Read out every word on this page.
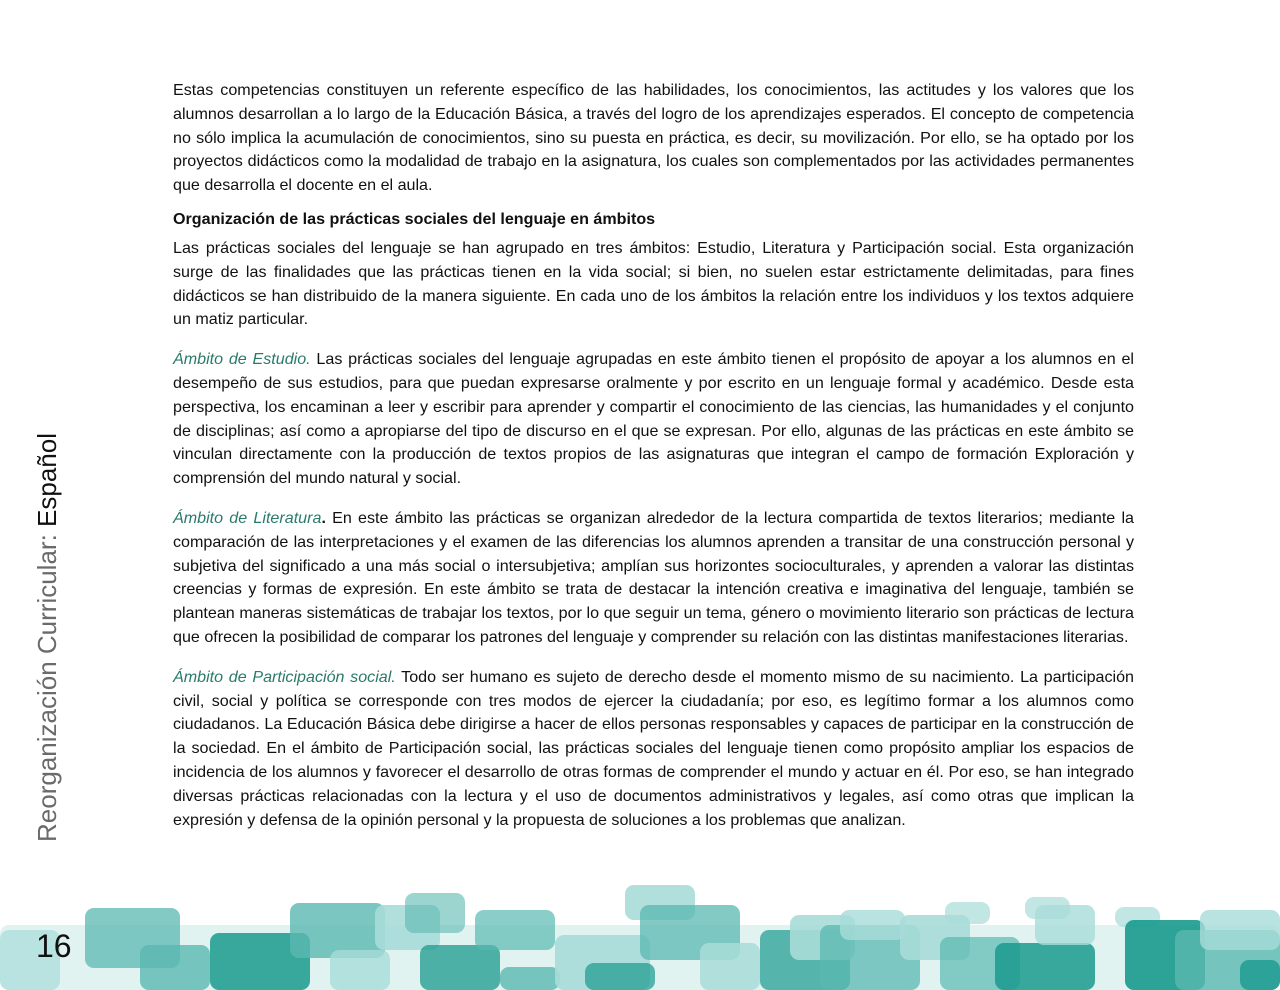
Reorganización Curricular: Español

Estas competencias constituyen un referente específico de las habilidades, los conocimientos, las actitudes y los valores que los alumnos desarrollan a lo largo de la Educación Básica, a través del logro de los aprendizajes esperados. El concepto de competencia no sólo implica la acumulación de conocimientos, sino su puesta en práctica, es decir, su movilización. Por ello, se ha optado por los proyectos didácticos como la modalidad de trabajo en la asignatura, los cuales son complementados por las actividades permanentes que desarrolla el docente en el aula.

Organización de las prácticas sociales del lenguaje en ámbitos

Las prácticas sociales del lenguaje se han agrupado en tres ámbitos: Estudio, Literatura y Participación social. Esta organización surge de las finalidades que las prácticas tienen en la vida social; si bien, no suelen estar estrictamente delimitadas, para fines didácticos se han distribuido de la manera siguiente. En cada uno de los ámbitos la relación entre los individuos y los textos adquiere un matiz particular.

Ámbito de Estudio. Las prácticas sociales del lenguaje agrupadas en este ámbito tienen el propósito de apoyar a los alumnos en el desempeño de sus estudios, para que puedan expresarse oralmente y por escrito en un lenguaje formal y académico. Desde esta perspectiva, los encaminan a leer y escribir para aprender y compartir el conocimiento de las ciencias, las humanidades y el conjunto de disciplinas; así como a apropiarse del tipo de discurso en el que se expresan. Por ello, algunas de las prácticas en este ámbito se vinculan directamente con la producción de textos propios de las asignaturas que integran el campo de formación Exploración y comprensión del mundo natural y social.

Ámbito de Literatura. En este ámbito las prácticas se organizan alrededor de la lectura compartida de textos literarios; mediante la comparación de las interpretaciones y el examen de las diferencias los alumnos aprenden a transitar de una construcción personal y subjetiva del significado a una más social o intersubjetiva; amplían sus horizontes socioculturales, y aprenden a valorar las distintas creencias y formas de expresión. En este ámbito se trata de destacar la intención creativa e imaginativa del lenguaje, también se plantean maneras sistemáticas de trabajar los textos, por lo que seguir un tema, género o movimiento literario son prácticas de lectura que ofrecen la posibilidad de comparar los patrones del lenguaje y comprender su relación con las distintas manifestaciones literarias.

Ámbito de Participación social. Todo ser humano es sujeto de derecho desde el momento mismo de su nacimiento. La participación civil, social y política se corresponde con tres modos de ejercer la ciudadanía; por eso, es legítimo formar a los alumnos como ciudadanos. La Educación Básica debe dirigirse a hacer de ellos personas responsables y capaces de participar en la construcción de la sociedad. En el ámbito de Participación social, las prácticas sociales del lenguaje tienen como propósito ampliar los espacios de incidencia de los alumnos y favorecer el desarrollo de otras formas de comprender el mundo y actuar en él. Por eso, se han integrado diversas prácticas relacionadas con la lectura y el uso de documentos administrativos y legales, así como otras que implican la expresión y defensa de la opinión personal y la propuesta de soluciones a los problemas que analizan.

16
